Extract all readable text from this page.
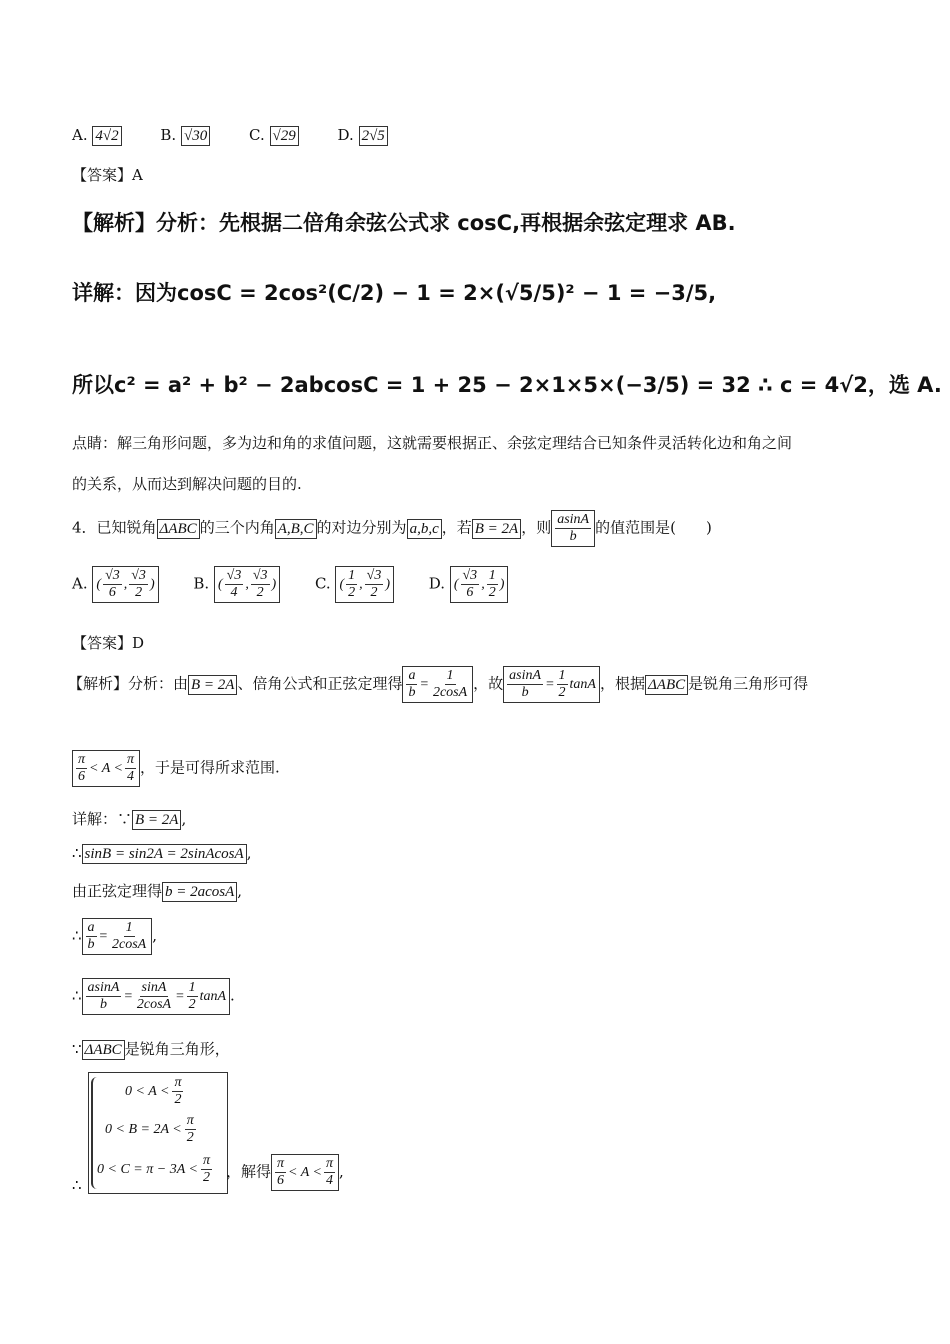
A. 4√2	B. √30	C. √29	D. 2√5
【答案】A
【解析】分析：先根据二倍角余弦公式求 cosC,再根据余弦定理求 AB.
详解：因为cosC = 2cos²(C/2) − 1 = 2×(√5/5)² − 1 = −3/5,
所以c² = a² + b² − 2abcosC = 1 + 25 − 2×1×5×(−3/5) = 32 ∴ c = 4√2，选 A.
点睛：解三角形问题，多为边和角的求值问题，这就需要根据正、余弦定理结合已知条件灵活转化边和角之间
的关系，从而达到解决问题的目的.
4．已知锐角 ΔABC 的三个内角 A,B,C 的对边分别为 a,b,c ，若 B = 2A ，则 $\frac{asinA}{b}$ 的值范围是(　　)
A. ( $\frac{√3}{6}$ , $\frac{√3}{2}$ )	B. ( $\frac{√3}{4}$ , $\frac{√3}{2}$ )	C. ( $\frac{1}{2}$ , $\frac{√3}{2}$ )	D. ( $\frac{√3}{6}$ , $\frac{1}{2}$ )
【答案】D
【解析】分析：由 B = 2A 、倍角公式和正弦定理得 $\frac{a}{b} = \frac{1}{2\cos A}$ ，故 $\frac{asinA}{b} = \frac{1}{2}$ tanA ，根据 ΔABC 是锐角三角形可得
$\frac{\pi}{6} < A < \frac{\pi}{4}$ ，于是可得所求范围.
详解：∵ B = 2A ,
∴ sinB = sin2A = 2sinAcosA ,
由正弦定理得 b = 2acosA ,
∴ $\frac{a}{b} = \frac{1}{2\cos A}$ ,
∴ $\frac{asinA}{b} = \frac{\sin A}{2\cos A} = \frac{1}{2}$ tanA .
∵ ΔABC 是锐角三角形，
$0 < A < \frac{\pi}{2}$
$0 < B = 2A < \frac{\pi}{2}$
$0 < C = \pi - 3A < \frac{\pi}{2}$
∴
，解得 $\frac{\pi}{6} < A < \frac{\pi}{4}$ ,
